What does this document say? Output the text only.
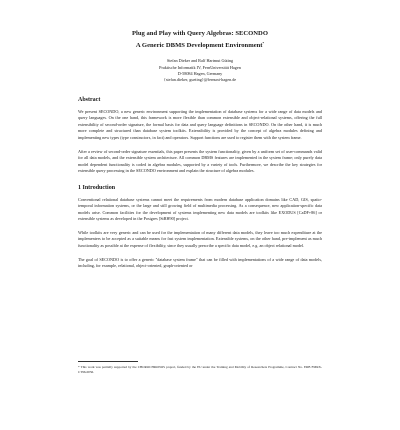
Plug and Play with Query Algebras: SECONDO
A Generic DBMS Development Environment*
Stefan Dieker and Ralf Hartmut Güting
Praktische Informatik IV, FernUniversität Hagen
D-58084 Hagen, Germany
{stefan.dieker, gueting}@fernuni-hagen.de
Abstract

We present SECONDO, a new generic environment supporting the implementation of database systems for a wide range of data models and query languages. On the one hand, this framework is more flexible than common extensible and object-relational systems, offering the full extensibility of second-order signature, the formal basis for data and query language definitions in SECONDO. On the other hand, it is much more complete and structured than database system toolkits. Extensibility is provided by the concept of algebra modules defining and implementing new types (type constructors, in fact) and operators. Support functions are used to register them with the system frame.

After a review of second-order signature essentials, this paper presents the system functionality, given by a uniform set of user-commands valid for all data models, and the extensible system architecture. All common DBMS features are implemented in the system frame; only purely data model dependent functionality is coded in algebra modules, supported by a variety of tools. Furthermore, we describe the key strategies for extensible query processing in the SECONDO environment and explain the structure of algebra modules.

1 Introduction

Conventional relational database systems cannot meet the requirements from modern database application domains like CAD, GIS, spatio-temporal information systems, or the large and still growing field of multimedia processing. As a consequence, new application-specific data models arise. Common facilities for the development of systems implementing new data models are toolkits like EXODUS [CaDF+86] or extensible systems as developed in the Postgres [StRH90] project.

While toolkits are very generic and can be used for the implementation of many different data models, they leave too much expenditure at the implementers to be accepted as a suitable means for fast system implementation. Extensible systems, on the other hand, pre-implement as much functionality as possible at the expense of flexibility, since they usually prescribe a specific data model, e.g. an object relational model.

The goal of SECONDO is to offer a generic "database system frame" that can be filled with implementations of a wide range of data models, including, for example, relational, object-oriented, graph-oriented or

* This work was partially supported by the CHOROCHRONOS project, funded by the EU under the Training and Mobility of Researchers Programme, Contract No. ERB FMRX-CT96-0056.
